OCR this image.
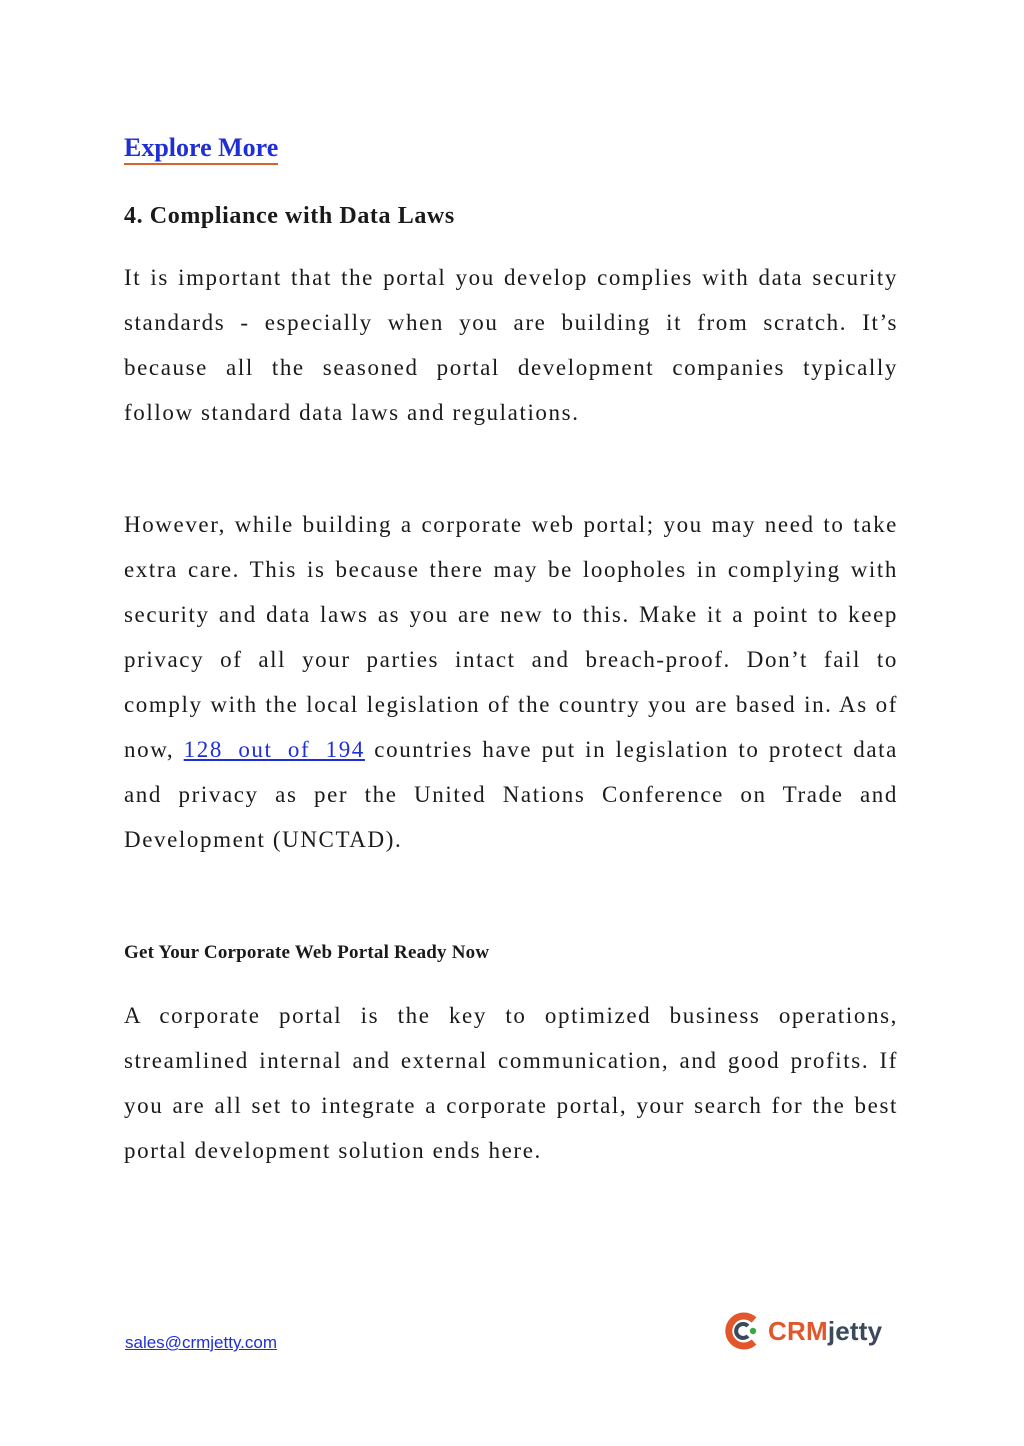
Explore More
4. Compliance with Data Laws

It is important that the portal you develop complies with data security standards - especially when you are building it from scratch. It’s because all the seasoned portal development companies typically follow standard data laws and regulations.

However, while building a corporate web portal; you may need to take extra care. This is because there may be loopholes in complying with security and data laws as you are new to this. Make it a point to keep privacy of all your parties intact and breach-proof. Don’t fail to comply with the local legislation of the country you are based in. As of now, 128 out of 194 countries have put in legislation to protect data and privacy as per the United Nations Conference on Trade and Development (UNCTAD).

Get Your Corporate Web Portal Ready Now

A corporate portal is the key to optimized business operations, streamlined internal and external communication, and good profits. If you are all set to integrate a corporate portal, your search for the best portal development solution ends here.

sales@crmjetty.com	CRMjetty
